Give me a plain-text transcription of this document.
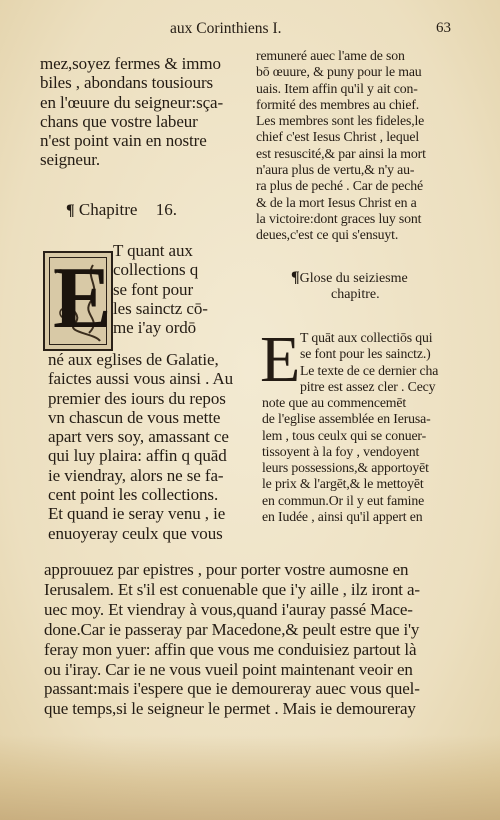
aux Corinthiens I.	63
mez,soyez fermes & immo
biles , abondans tousiours
en l'œuure du seigneur:sça-
chans que vostre labeur
n'est point vain en nostre
seigneur.
¶ Chapitre 16.
E T quant aux
collections q
se font pour
les sainctz cō-
me i'ay ordō
né aux eglises de Galatie,
faictes aussi vous ainsi . Au
premier des iours du repos
vn chascun de vous mette
apart vers soy, amassant ce
qui luy plaira: affin q quād
ie viendray, alors ne se fa-
cent point les collections.
Et quand ie seray venu , ie
enuoyeray ceulx que vous
remuneré auec l'ame de son
bō œuure, & puny pour le mau
uais. Item affin qu'il y ait con-
formité des membres au chief.
Les membres sont les fideles,le
chief c'est Iesus Christ , lequel
est resuscité,& par ainsi la mort
n'aura plus de vertu,& n'y au-
ra plus de peché . Car de peché
& de la mort Iesus Christ en a
la victoire:dont graces luy sont
deues,c'est ce qui s'ensuyt.
¶Glose du seiziesme
chapitre.
E T quāt aux collectiōs qui
se font pour les sainctz.)
Le texte de ce dernier cha
pitre est assez cler . Cecy
note que au commencemēt
de l'eglise assemblée en Ierusa-
lem , tous ceulx qui se conuer-
tissoyent à la foy , vendoyent
leurs possessions,& apportoyēt
le prix & l'argēt,& le mettoyēt
en commun.Or il y eut famine
en Iudée , ainsi qu'il appert en
approuuez par epistres , pour porter vostre aumosne en
Ierusalem. Et s'il est conuenable que i'y aille , ilz iront a-
uec moy. Et viendray à vous,quand i'auray passé Mace-
done.Car ie passeray par Macedone,& peult estre que i'y
feray mon yuer: affin que vous me conduisiez partout là
ou i'iray. Car ie ne vous vueil point maintenant veoir en
passant:mais i'espere que ie demoureray auec vous quel-
que temps,si le seigneur le permet . Mais ie demoureray
